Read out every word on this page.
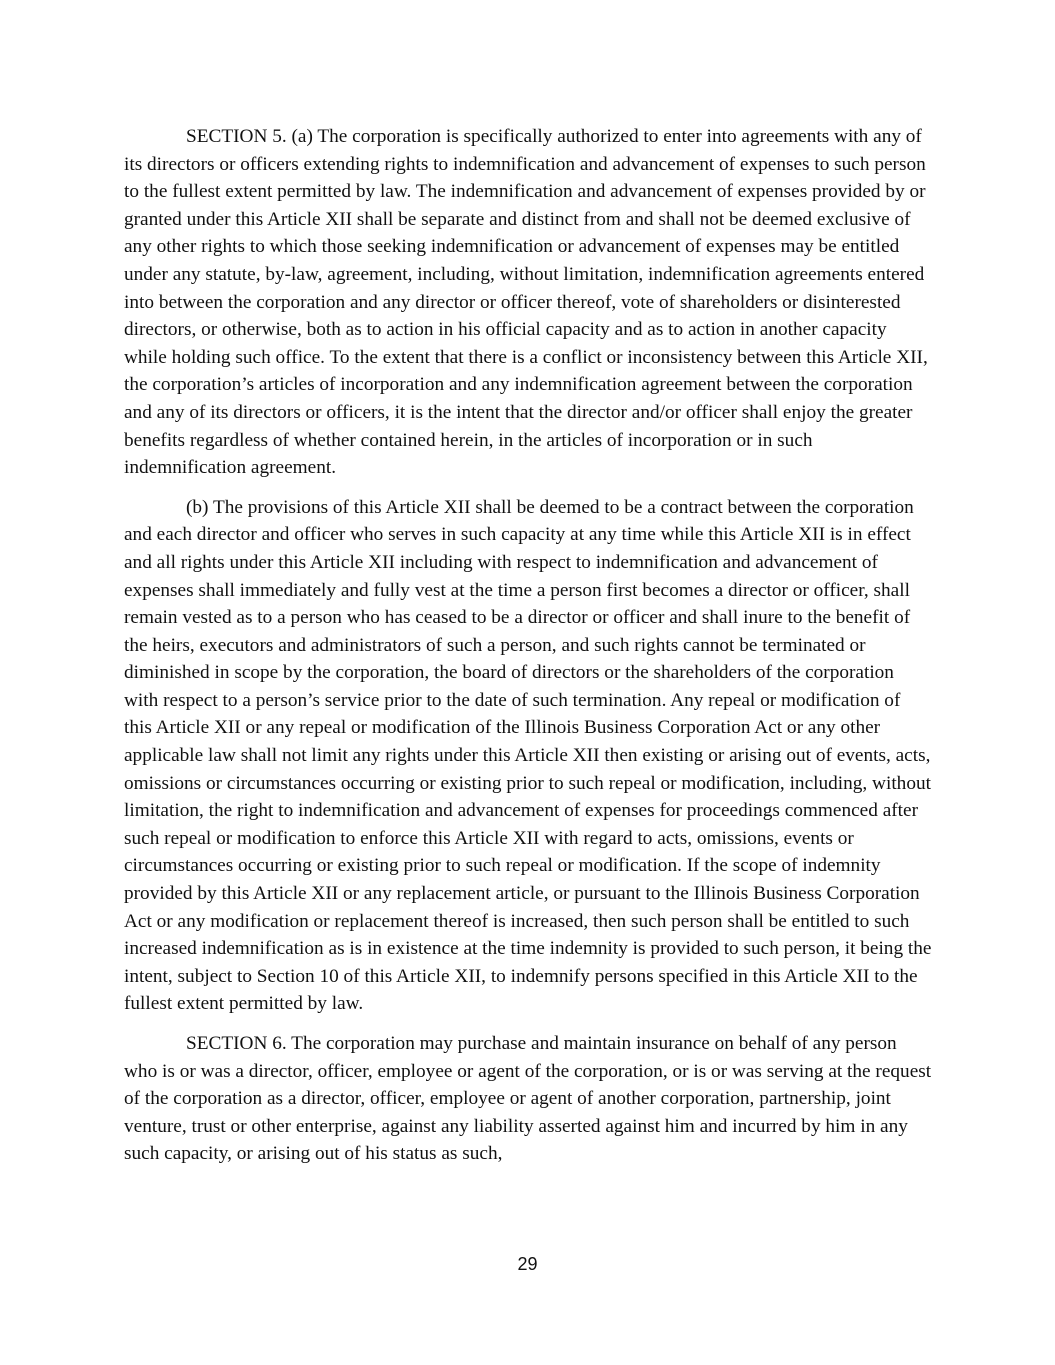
SECTION 5. (a) The corporation is specifically authorized to enter into agreements with any of its directors or officers extending rights to indemnification and advancement of expenses to such person to the fullest extent permitted by law. The indemnification and advancement of expenses provided by or granted under this Article XII shall be separate and distinct from and shall not be deemed exclusive of any other rights to which those seeking indemnification or advancement of expenses may be entitled under any statute, by-law, agreement, including, without limitation, indemnification agreements entered into between the corporation and any director or officer thereof, vote of shareholders or disinterested directors, or otherwise, both as to action in his official capacity and as to action in another capacity while holding such office. To the extent that there is a conflict or inconsistency between this Article XII, the corporation’s articles of incorporation and any indemnification agreement between the corporation and any of its directors or officers, it is the intent that the director and/or officer shall enjoy the greater benefits regardless of whether contained herein, in the articles of incorporation or in such indemnification agreement.

(b) The provisions of this Article XII shall be deemed to be a contract between the corporation and each director and officer who serves in such capacity at any time while this Article XII is in effect and all rights under this Article XII including with respect to indemnification and advancement of expenses shall immediately and fully vest at the time a person first becomes a director or officer, shall remain vested as to a person who has ceased to be a director or officer and shall inure to the benefit of the heirs, executors and administrators of such a person, and such rights cannot be terminated or diminished in scope by the corporation, the board of directors or the shareholders of the corporation with respect to a person’s service prior to the date of such termination. Any repeal or modification of this Article XII or any repeal or modification of the Illinois Business Corporation Act or any other applicable law shall not limit any rights under this Article XII then existing or arising out of events, acts, omissions or circumstances occurring or existing prior to such repeal or modification, including, without limitation, the right to indemnification and advancement of expenses for proceedings commenced after such repeal or modification to enforce this Article XII with regard to acts, omissions, events or circumstances occurring or existing prior to such repeal or modification. If the scope of indemnity provided by this Article XII or any replacement article, or pursuant to the Illinois Business Corporation Act or any modification or replacement thereof is increased, then such person shall be entitled to such increased indemnification as is in existence at the time indemnity is provided to such person, it being the intent, subject to Section 10 of this Article XII, to indemnify persons specified in this Article XII to the fullest extent permitted by law.

SECTION 6. The corporation may purchase and maintain insurance on behalf of any person who is or was a director, officer, employee or agent of the corporation, or is or was serving at the request of the corporation as a director, officer, employee or agent of another corporation, partnership, joint venture, trust or other enterprise, against any liability asserted against him and incurred by him in any such capacity, or arising out of his status as such,

29
